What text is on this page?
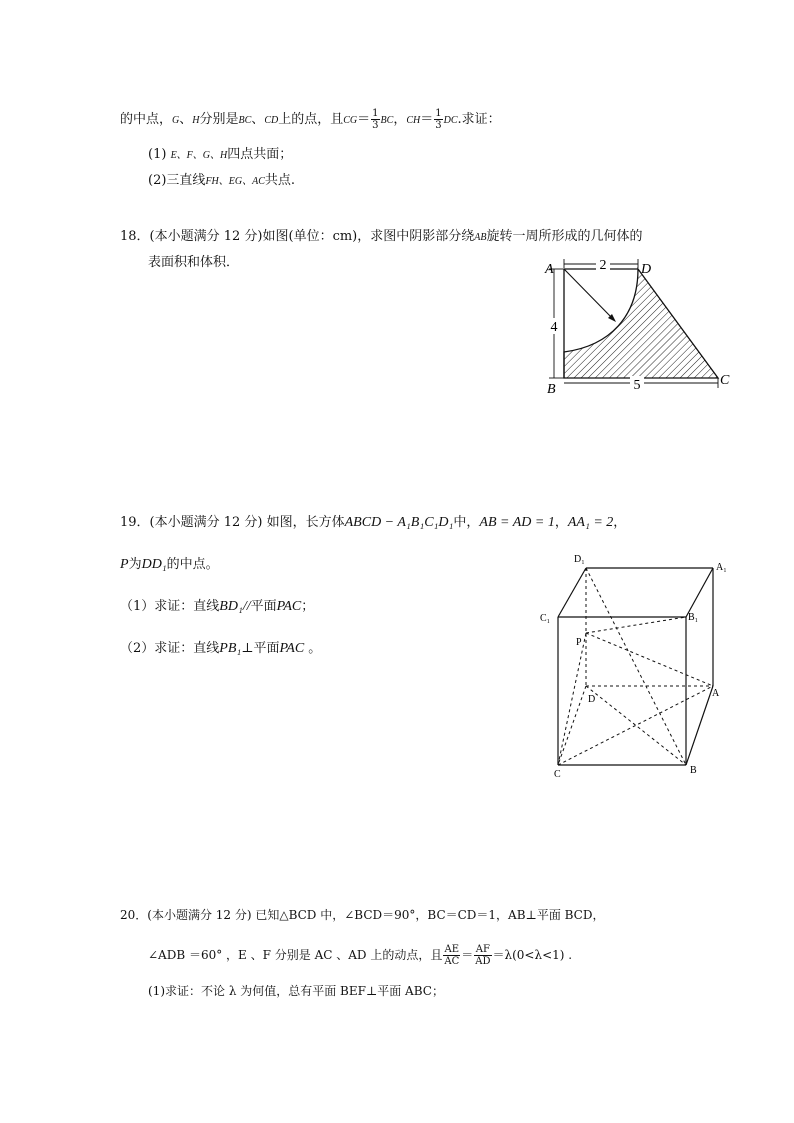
的中点，G、H分别是BC、CD上的点，且$CG= \frac{1}{3}$ BC，$CH= \frac{1}{3}$ DC.求证：
(1) E、F、G、H四点共面；
(2)三直线FH、EG、AC共点.
18．(本小题满分 12 分)如图(单位：cm)，求图中阴影部分绕AB旋转一周所形成的几何体的
表面积和体积．	2
4
5
A	D
B
C
19．(本小题满分 12 分) 如图，长方体ABCD − A₁B₁C₁D₁中，AB = AD = 1，AA₁ = 2，
P为DD₁的中点。
（1）求证：直线BD₁//平面PAC；
（2）求证：直线PB₁⊥平面PAC 。
D₁
A₁
C₁	B₁
P
D
A
C	B
20．(本小题满分 12 分) 已知△BCD 中，∠BCD＝90°，BC＝CD＝1，AB⊥平面 BCD，
∠ADB ＝60° ，E 、F 分别是 AC 、AD 上的动点，且 $\frac{AE}{AC} = \frac{AF}{AD} =\lambda(0<\lambda<1)$ .
(1)求证：不论 λ 为何值，总有平面 BEF⊥平面 ABC；
